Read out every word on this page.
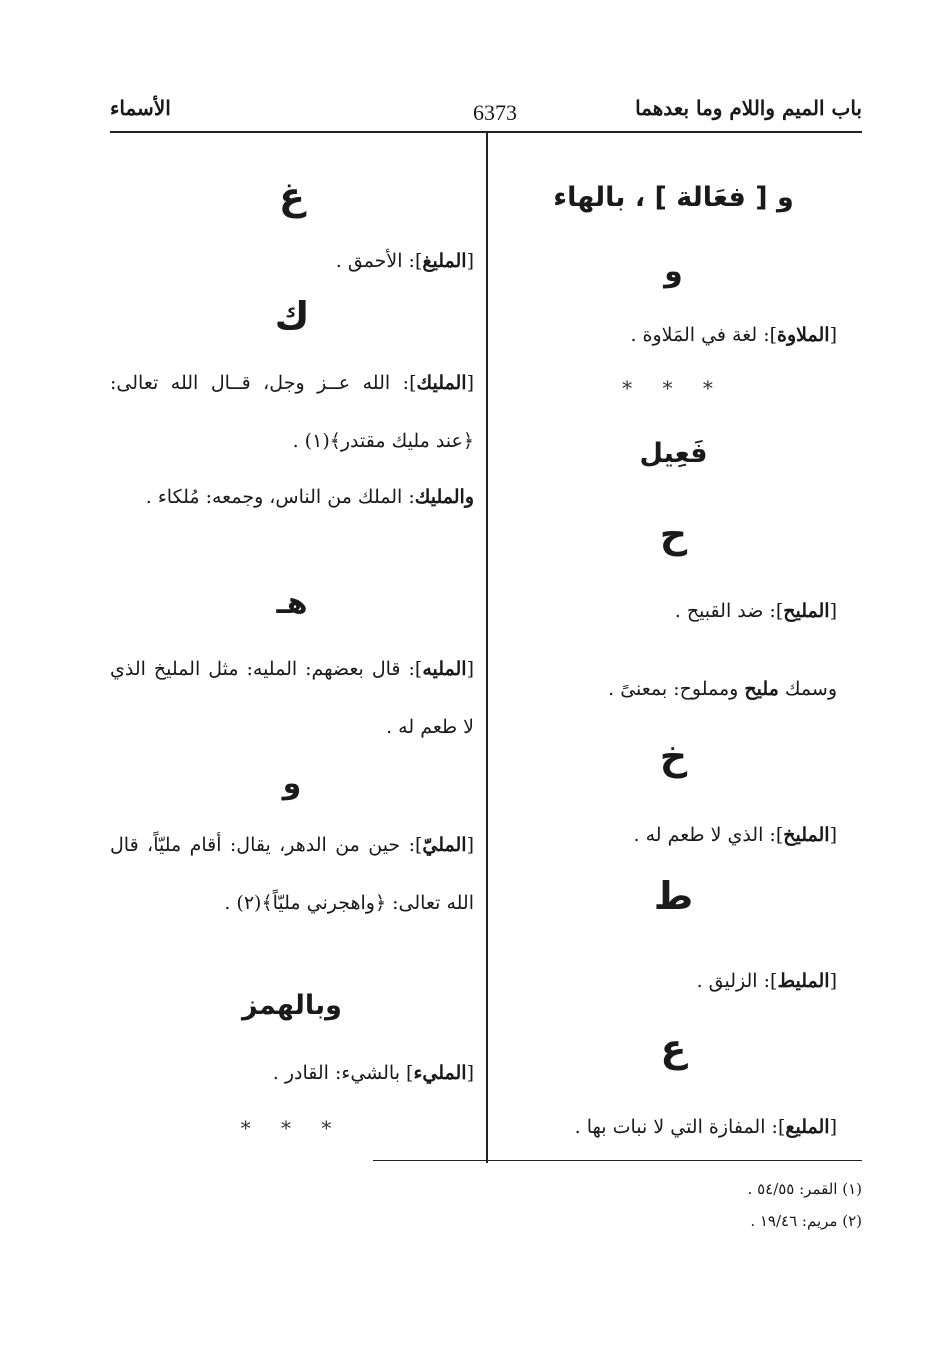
باب الميم واللام وما بعدهما
6373
الأسماء
و [ فعَالة ] ، بالهاء
و
[الملاوة]: لغة في المَلاوة .
* * *
فَعِيل
ح
[المليح]: ضد القبيح .
وسمك مليح ومملوح: بمعنىً .
خ
[المليخ]: الذي لا طعم له .
ط
[المليط]: الزليق .
ع
[المليع]: المفازة التي لا نبات بها .
غ
[المليغ]: الأحمق .
ك
[المليك]: الله عــز وجل، قــال الله تعالى: ﴿عند مليك مقتدر﴾(١) .
والمليك: الملك من الناس، وجمعه: مُلكاء .
هـ
[المليه]: قال بعضهم: المليه: مثل المليخ الذي لا طعم له .
و
[المليّ]: حين من الدهر، يقال: أقام مليّاً، قال الله تعالى: ﴿واهجرني مليّاً﴾(٢) .
وبالهمز
[المليء] بالشيء: القادر .
* * *
(١) القمر: ٥٤/٥٥ .
(٢) مريم: ١٩/٤٦ .
